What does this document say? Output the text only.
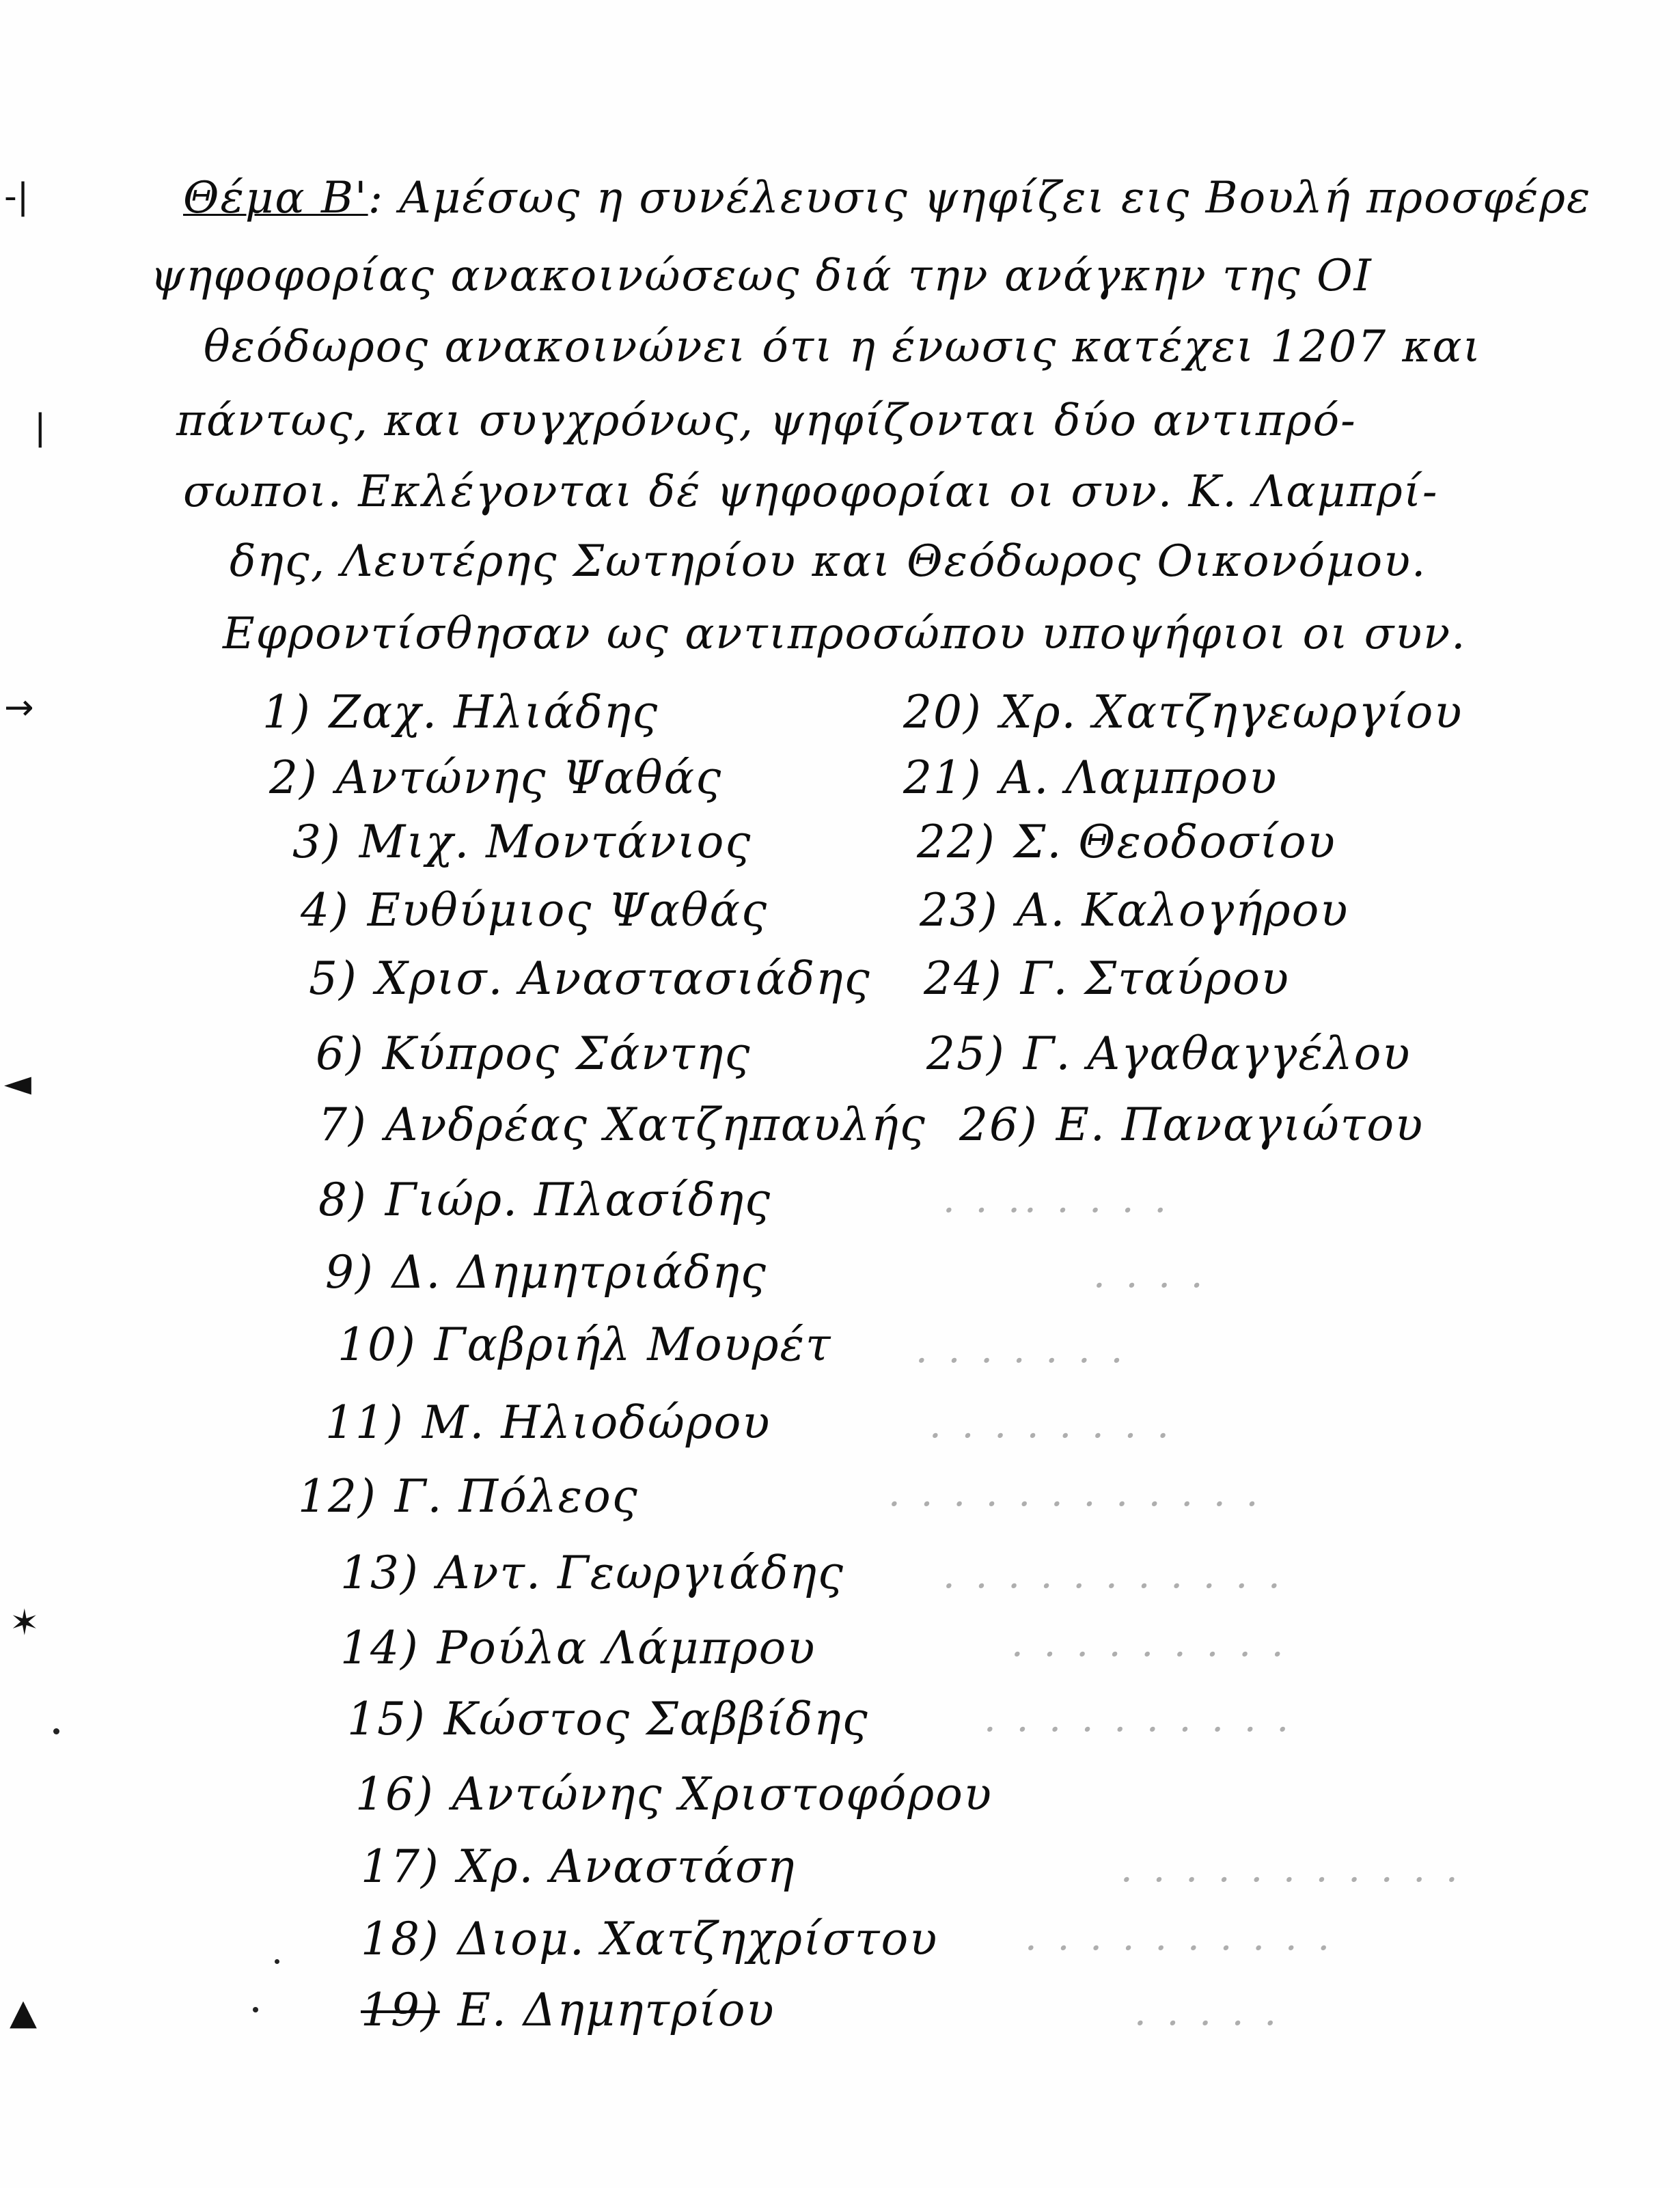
-|
|
→
◄
✶
▲
Θέμα Β': Αμέσως η συνέλευσις ψηφίζει εις Βουλή προσφέρε
ψηφοφορίας ανακοινώσεως διά την ανάγκην της ΟΙ
θεόδωρος ανακοινώνει ότι η ένωσις κατέχει 1207 και
πάντως, και συγχρόνως, ψηφίζονται δύο αντιπρό-
σωποι. Εκλέγονται δέ ψηφοφορίαι οι συν. Κ. Λαμπρί-
δης, Λευτέρης Σωτηρίου και Θεόδωρος Οικονόμου.
Εφροντίσθησαν ως αντιπροσώπου υποψήφιοι οι συν.
1) Ζαχ. Ηλιάδης
2) Αντώνης Ψαθάς
3) Μιχ. Μοντάνιος
4) Ευθύμιος Ψαθάς
5) Χρισ. Αναστασιάδης
6) Κύπρος Σάντης
7) Ανδρέας Χατζηπαυλής
8) Γιώρ. Πλασίδης
9) Δ. Δημητριάδης
10) Γαβριήλ Μουρέτ
11) Μ. Ηλιοδώρου
12) Γ. Πόλεος
13) Αντ. Γεωργιάδης
14) Ρούλα Λάμπρου
15) Κώστος Σαββίδης
16) Αντώνης Χριστοφόρου
17) Χρ. Αναστάση
18) Διομ. Χατζηχρίστου
19) Ε. Δημητρίου
20) Χρ. Χατζηγεωργίου
21) Α. Λαμπρου
22) Σ. Θεοδοσίου
23) Α. Καλογήρου
24) Γ. Σταύρου
25) Γ. Αγαθαγγέλου
26) Ε. Παναγιώτου
· · ·· · · · ·
· · · ·
· · · · · · ·
· · · · · · · ·
· · · · · · · · · · · ·
· · · · · · · · · · ·
· · · · · · · · ·
· · · · · · · · · ·
· · · · · · · · · · ·
· · · · · · · · · ·
· · · · ·
